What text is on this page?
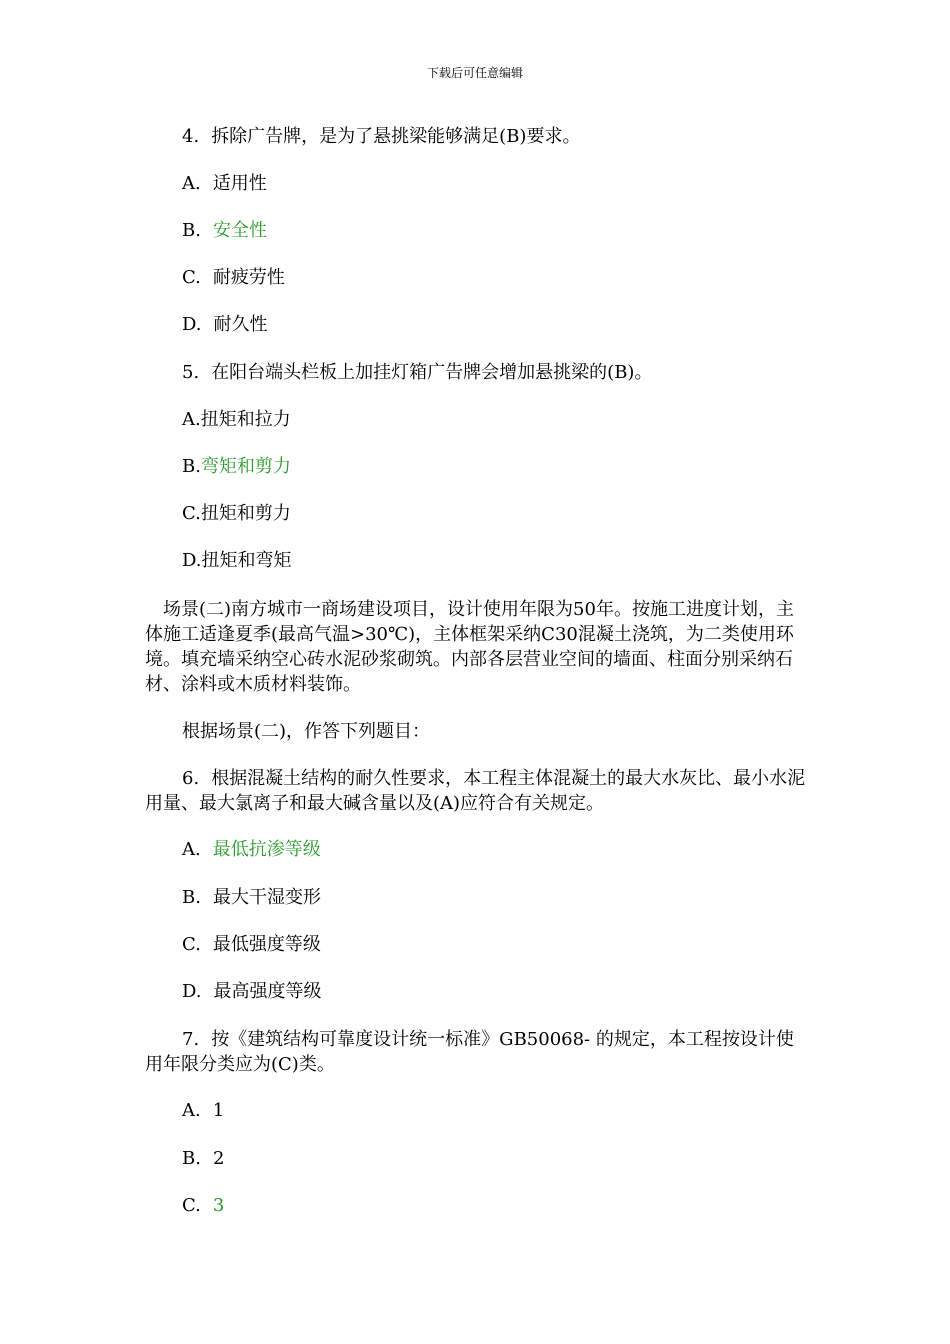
下载后可任意编辑
4. 拆除广告牌，是为了悬挑梁能够满足(B)要求。
A. 适用性
B. 安全性
C. 耐疲劳性
D. 耐久性
5. 在阳台端头栏板上加挂灯箱广告牌会增加悬挑梁的(B)。
A.扭矩和拉力
B.弯矩和剪力
C.扭矩和剪力
D.扭矩和弯矩
场景(二)南方城市一商场建设项目，设计使用年限为50年。按施工进度计划，主体施工适逢夏季(最高气温>30℃)，主体框架采纳C30混凝土浇筑，为二类使用环境。填充墙采纳空心砖水泥砂浆砌筑。内部各层营业空间的墙面、柱面分别采纳石材、涂料或木质材料装饰。
根据场景(二)，作答下列题目：
6. 根据混凝土结构的耐久性要求，本工程主体混凝土的最大水灰比、最小水泥用量、最大氯离子和最大碱含量以及(A)应符合有关规定。
A. 最低抗渗等级
B. 最大干湿变形
C. 最低强度等级
D. 最高强度等级
7. 按《建筑结构可靠度设计统一标准》GB50068- 的规定，本工程按设计使用年限分类应为(C)类。
A. 1
B. 2
C. 3
